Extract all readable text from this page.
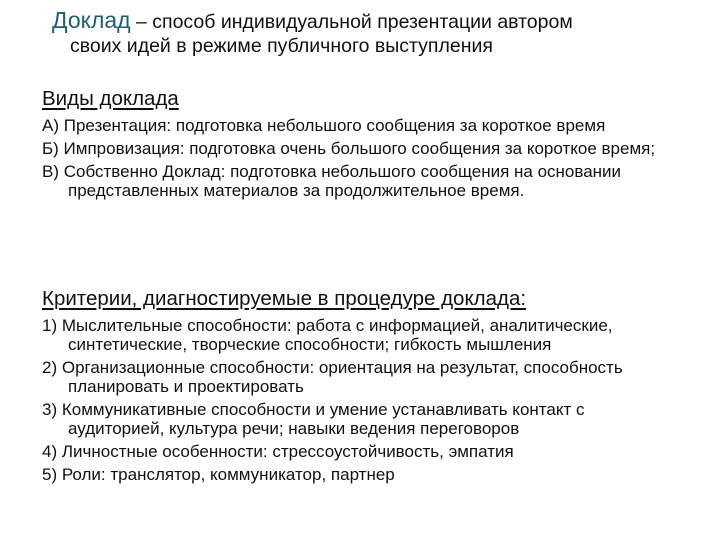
Доклад – способ индивидуальной презентации автором
своих идей в режиме публичного выступления
Виды доклада
А) Презентация: подготовка небольшого сообщения за короткое время
Б) Импровизация: подготовка очень большого сообщения за короткое время;
В) Собственно Доклад: подготовка небольшого сообщения на основании представленных материалов за продолжительное время.
Критерии, диагностируемые в процедуре доклада:
1) Мыслительные способности: работа с информацией, аналитические, синтетические, творческие способности; гибкость мышления
2) Организационные способности: ориентация на результат, способность планировать и проектировать
3) Коммуникативные способности и умение устанавливать контакт с аудиторией, культура речи; навыки ведения переговоров
4) Личностные особенности: стрессоустойчивость, эмпатия
5) Роли: транслятор, коммуникатор, партнер
